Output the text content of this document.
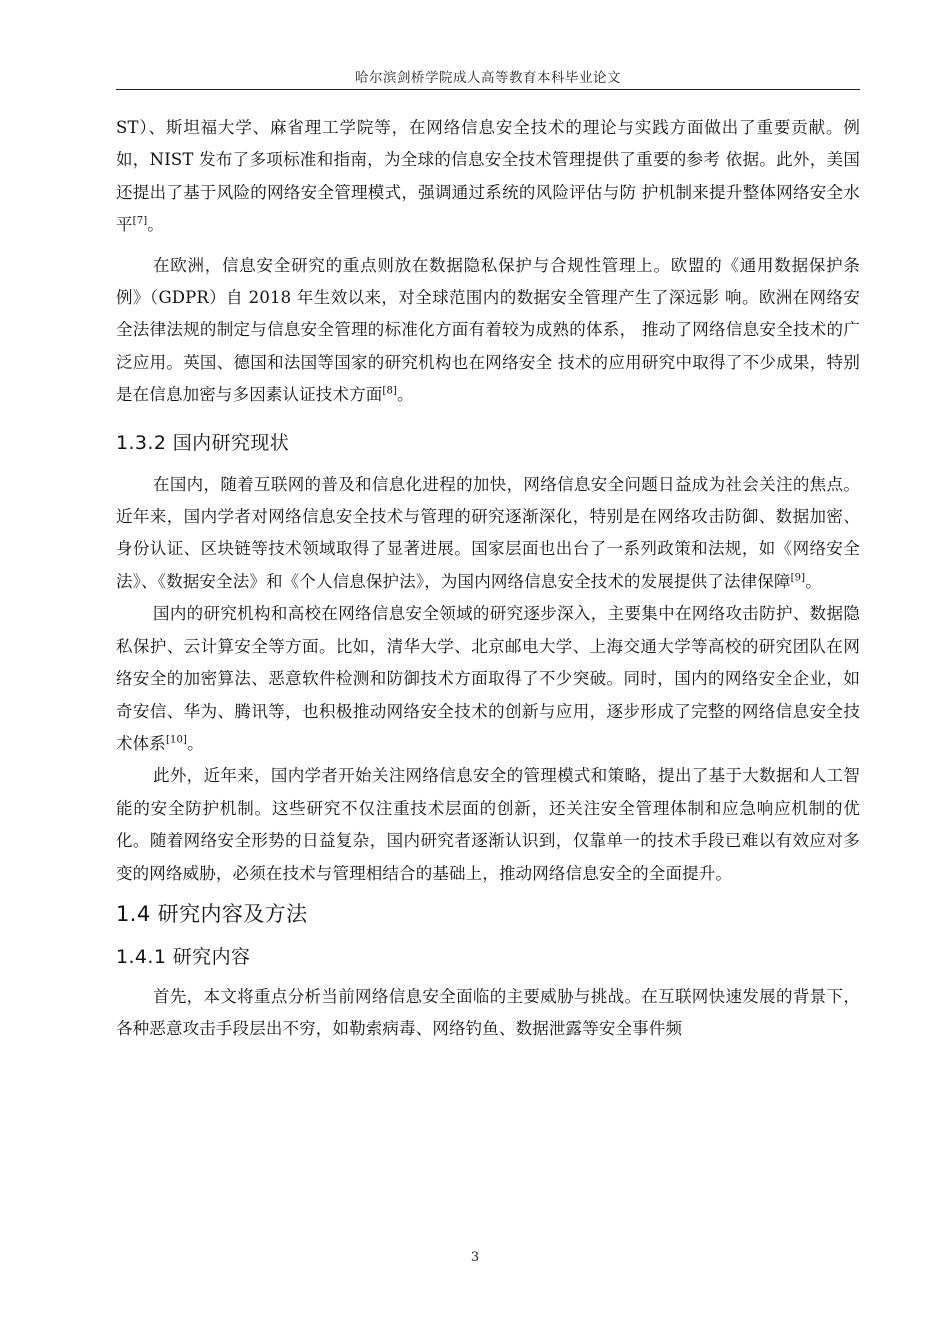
哈尔滨剑桥学院成人高等教育本科毕业论文

ST）、斯坦福大学、麻省理工学院等，在网络信息安全技术的理论与实践方面做出了重要贡献。例如，NIST 发布了多项标准和指南，为全球的信息安全技术管理提供了重要的参考 依据。此外，美国还提出了基于风险的网络安全管理模式，强调通过系统的风险评估与防 护机制来提升整体网络安全水平[7]。

在欧洲，信息安全研究的重点则放在数据隐私保护与合规性管理上。欧盟的《通用数据保护条例》（GDPR）自 2018 年生效以来，对全球范围内的数据安全管理产生了深远影 响。欧洲在网络安全法律法规的制定与信息安全管理的标准化方面有着较为成熟的体系， 推动了网络信息安全技术的广泛应用。英国、德国和法国等国家的研究机构也在网络安全 技术的应用研究中取得了不少成果，特别是在信息加密与多因素认证技术方面[8]。

1.3.2 国内研究现状

在国内，随着互联网的普及和信息化进程的加快，网络信息安全问题日益成为社会关注的焦点。近年来，国内学者对网络信息安全技术与管理的研究逐渐深化，特别是在网络攻击防御、数据加密、身份认证、区块链等技术领域取得了显著进展。国家层面也出台了一系列政策和法规，如《网络安全法》、《数据安全法》和《个人信息保护法》，为国内网络信息安全技术的发展提供了法律保障[9]。

国内的研究机构和高校在网络信息安全领域的研究逐步深入，主要集中在网络攻击防护、数据隐私保护、云计算安全等方面。比如，清华大学、北京邮电大学、上海交通大学等高校的研究团队在网络安全的加密算法、恶意软件检测和防御技术方面取得了不少突破。同时，国内的网络安全企业，如奇安信、华为、腾讯等，也积极推动网络安全技术的创新与应用，逐步形成了完整的网络信息安全技术体系[10]。

此外，近年来，国内学者开始关注网络信息安全的管理模式和策略，提出了基于大数据和人工智能的安全防护机制。这些研究不仅注重技术层面的创新，还关注安全管理体制和应急响应机制的优化。随着网络安全形势的日益复杂，国内研究者逐渐认识到，仅靠单一的技术手段已难以有效应对多变的网络威胁，必须在技术与管理相结合的基础上，推动网络信息安全的全面提升。

1.4 研究内容及方法
1.4.1 研究内容

首先，本文将重点分析当前网络信息安全面临的主要威胁与挑战。在互联网快速发展的背景下，各种恶意攻击手段层出不穷，如勒索病毒、网络钓鱼、数据泄露等安全事件频

3
